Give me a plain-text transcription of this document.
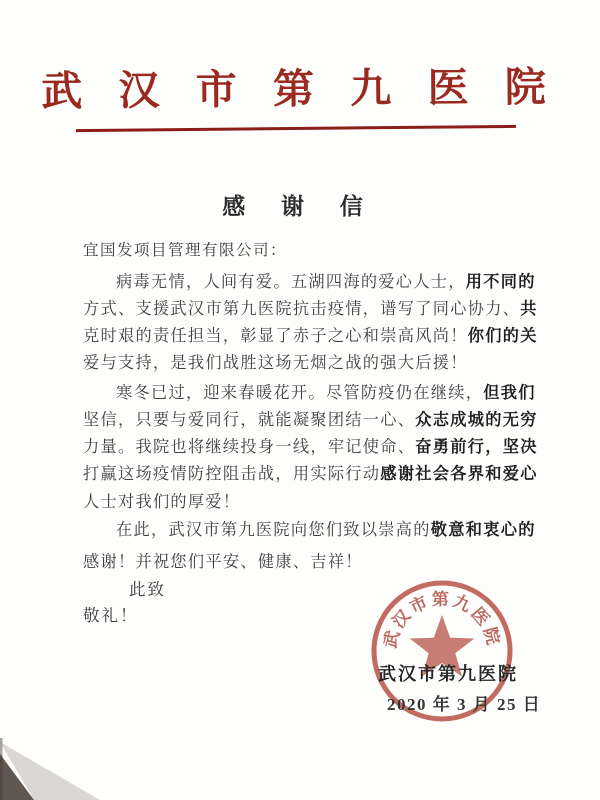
武 汉 市 第 九 医 院
感 谢 信
宜国发项目管理有限公司：
病毒无情，人间有爱。五湖四海的爱心人士，用不同的
方式、支援武汉市第九医院抗击疫情，谱写了同心协力、共
克时艰的责任担当，彰显了赤子之心和崇高风尚！你们的关
爱与支持，是我们战胜这场无烟之战的强大后援！
寒冬已过，迎来春暖花开。尽管防疫仍在继续，但我们
坚信，只要与爱同行，就能凝聚团结一心、众志成城的无穷
力量。我院也将继续投身一线，牢记使命、奋勇前行，坚决
打赢这场疫情防控阻击战，用实际行动感谢社会各界和爱心
人士对我们的厚爱！
在此，武汉市第九医院向您们致以崇高的敬意和衷心的
感谢！并祝您们平安、健康、吉祥！
此致
敬礼！
武汉市第九医院
武汉市第九医院
2020 年 3 月 25 日
